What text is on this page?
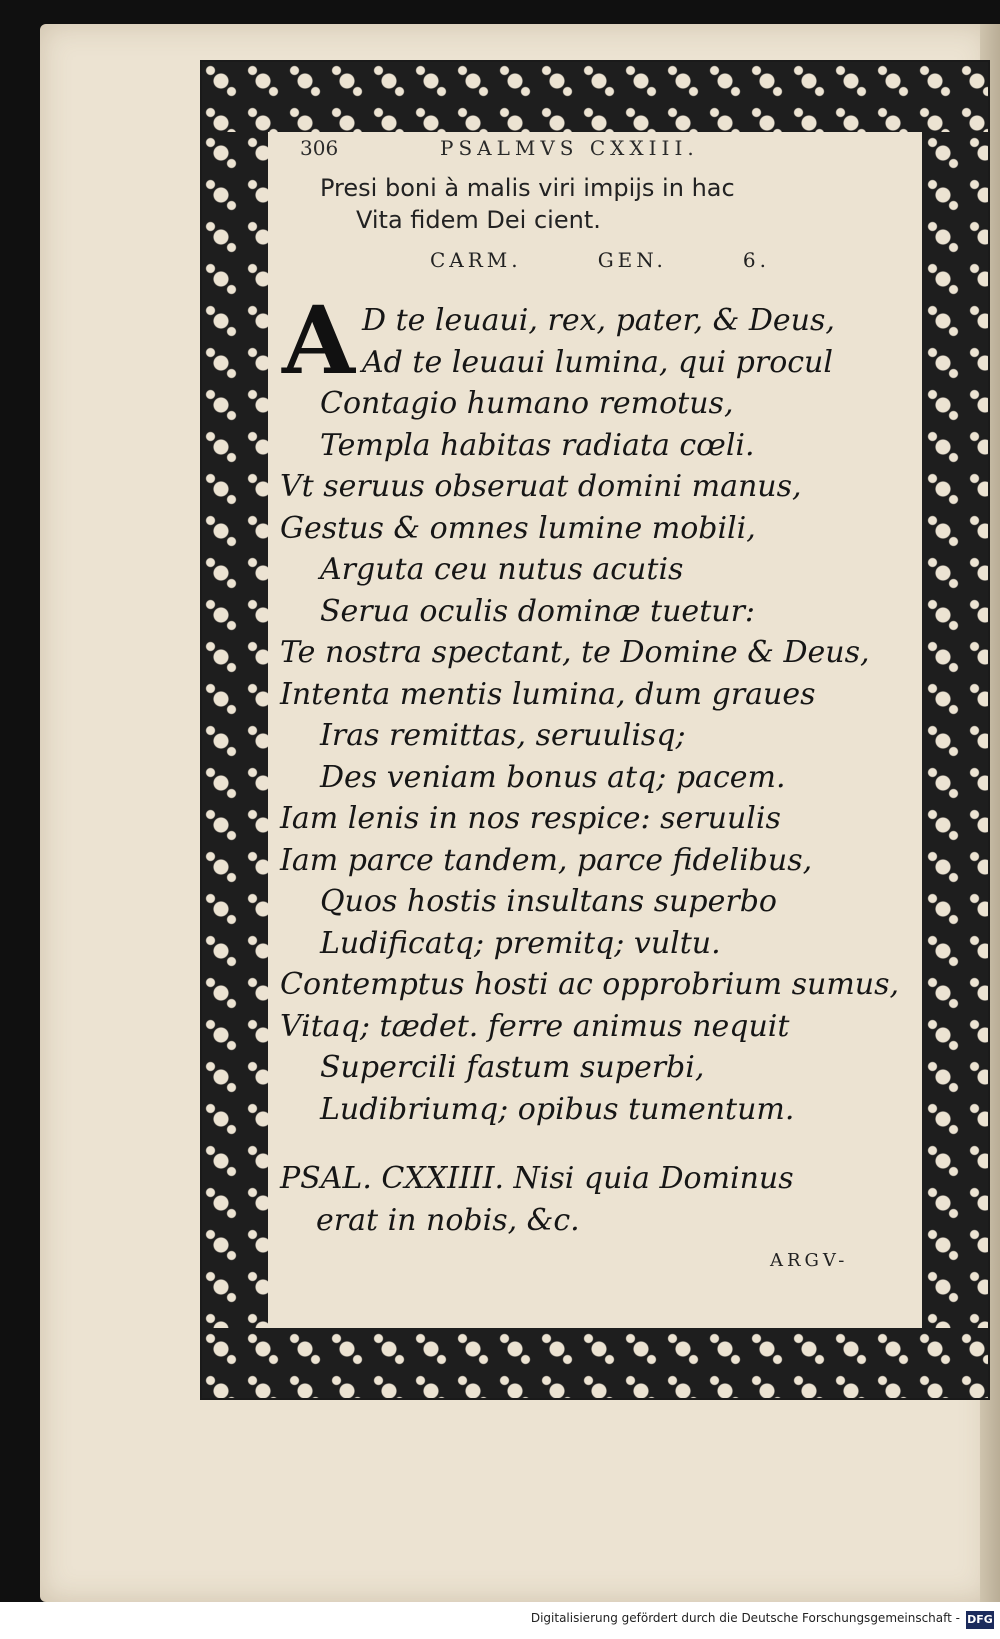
306	PSALMVS CXXIII.
Presi boni à malis viri impijs in hac
Vita fidem Dei cient.
CARM.	GEN.	6.
A D te leuaui, rex, pater, & Deus,
Ad te leuaui lumina, qui procul
Contagio humano remotus,
Templa habitas radiata cœli.
Vt seruus obseruat domini manus,
Gestus & omnes lumine mobili,
Arguta ceu nutus acutis
Serua oculis dominæ tuetur:
Te nostra spectant, te Domine & Deus,
Intenta mentis lumina, dum graues
Iras remittas, seruulisq;
Des veniam bonus atq; pacem.
Iam lenis in nos respice: seruulis
Iam parce tandem, parce fidelibus,
Quos hostis insultans superbo
Ludificatq; premitq; vultu.
Contemptus hosti ac opprobrium sumus,
Vitaq; tædet. ferre animus nequit
Supercili fastum superbi,
Ludibriumq; opibus tumentum.
PSAL. CXXIIII. Nisi quia Dominus
erat in nobis, &c.
ARGV-
Digitalisierung gefördert durch die Deutsche Forschungsgemeinschaft - DFG
